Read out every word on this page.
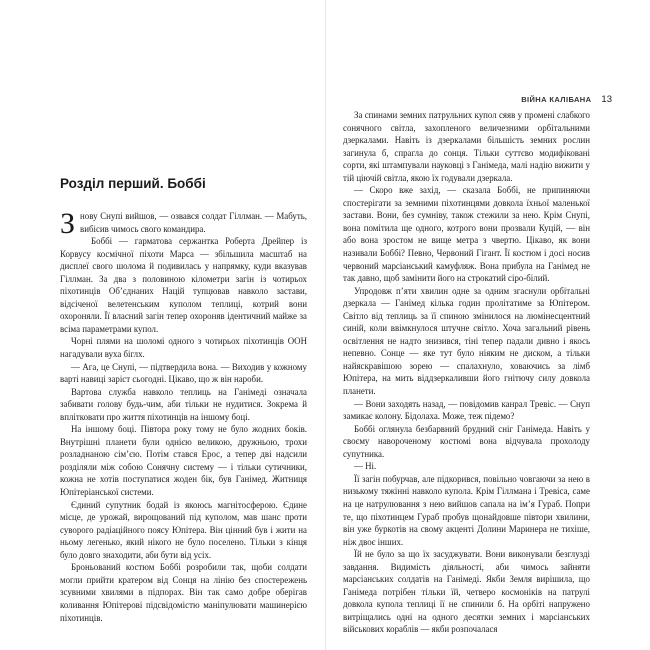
ВІЙНА КАЛІБАНА 13
Розділ перший. Боббі

Знову Снупі вийшов, — озвався солдат Гіллман. — Мабуть, вибісив чимось свого командира.

Боббі — гарматова сержантка Роберта Дрейпер із Корвусу космічної піхоти Марса — збільшила масштаб на дисплеї свого шолома й подивилась у напрямку, куди вказував Гіллман. За два з половиною кілометри загін із чотирьох піхотинців Об’єднаних Націй тупцював навколо застави, відсіченої велетенським куполом теплиці, котрий вони охороняли. Її власний загін тепер охороняв ідентичний майже за всіма параметрами купол.

Чорні плями на шоломі одного з чотирьох піхотинців ООН нагадували вуха біглх.

— Ага, це Снупі, — підтвердила вона. — Виходив у кожному варті навиці заріст сьогодні. Цікаво, що ж він нароби.

Вартова служба навколо теплиць на Ганімеді означала забивати голову будь-чим, аби тільки не нудитися. Зокрема й вплітковати про життя піхотинців на іншому боці.

На іншому боці. Півтора року тому не було жодних боків. Внутрішні планети були однією великою, дружньою, трохи розладнаною сім’єю. Потім стався Ерос, а тепер дві надсили розділяли між собою Сонячну систему — і тільки сутичники, кожна не хотів поступатися жоден бік, був Ганімед. Житниця Юпітеріанської системи.

Єдиний супутник бодай із якоюсь магнітосферою. Єдине місце, де урожай, вирощований під куполом, мав шанс проти суворого радіаційного поясу Юпітера. Він цінний був і жити на ньому легенько, який нікого не було поселено. Тільки з кінця було довго знаходити, аби бути від усіх.

Броньований костюм Боббі розробили так, щоби солдати могли прийти кратером від Сонця на лінію без спостережень зсувними хвилями в підпорах. Він так само добре оберігав коливання Юпітерові підсвідомістю маніпулювати машинерією піхотинців.

За спинами земних патрульних купол сяяв у промені слабкого сонячного світла, захопленого величезними орбітальними дзеркалами. Навіть із дзеркалами більшість земних рослин загинула б, спрагла до сонця. Тільки суттєво модифіковані сорти, які штампували науковці з Ганімеда, малі надію вижити у тій ціючій світла, якою їх годували дзеркала.

— Скоро вже захід, — сказала Боббі, не припиняючи спостерігати за земними піхотинцями довкола їхньої маленької застави. Вони, без сумніву, також стежили за нею. Крім Снупі, вона помітила ще одного, котрого вони прозвали Куцій, — він або вона зростом не вище метра з чвертю. Цікаво, як вони називали Боббі? Певно, Червоний Гігант. Її костюм і досі носив червоний марсіанський камуфляж. Вона прибула на Ганімед не так давно, щоб замінити його на строкатий сіро-білий.

Упродовж п’яти хвилин одне за одним згаснули орбітальні дзеркала — Ганімед кілька годин пролітатиме за Юпітером. Світло від теплиць за її спиною змінилося на люмінесцентний синій, коли ввімкнулося штучне світло. Хоча загальний рівень освітлення не надто знизився, тіні тепер падали дивно і якось непевно. Сонце — яке тут було ніяким не диском, а тільки найяскравішою зорею — спалахнуло, ховаючись за лімб Юпітера, на мить віддзеркаливши його гнітючу силу довкола планети.

— Вони заходять назад, — повідомив канрал Тревіс. — Снуп замикає колону. Бідолаха. Може, теж підемо?

Боббі оглянула безбарвний брудний сніг Ганімеда. Навіть у своєму навороченому костюмі вона відчувала прохолоду супутника.

— Ні.

Її загін побурчав, але підкорився, повільно човгаючи за нею в низькому тяжінні навколо купола. Крім Гіллмана і Тревіса, саме на це натрулювання з нею вийшов сапала на ім’я Гураб. Попри те, що піхотинцем Гураб пробув щонайдовше півтори хвилини, він уже буркотів на свому акценті Долини Маринера не тихіше, ніж двоє інших.

Їй не було за що їх засуджувати. Вони виконували безглузді завдання. Видимість діяльності, аби чимось зайняти марсіанських солдатів на Ганімеді. Якби Земля вирішила, що Ганімеда потрібен тільки їй, четверо космоніків на патрулі довкола купола теплиці її не спинили б. На орбіті напружено витріщались одні на одного десятки земних і марсіанських військових кораблів — якби розпочалася
